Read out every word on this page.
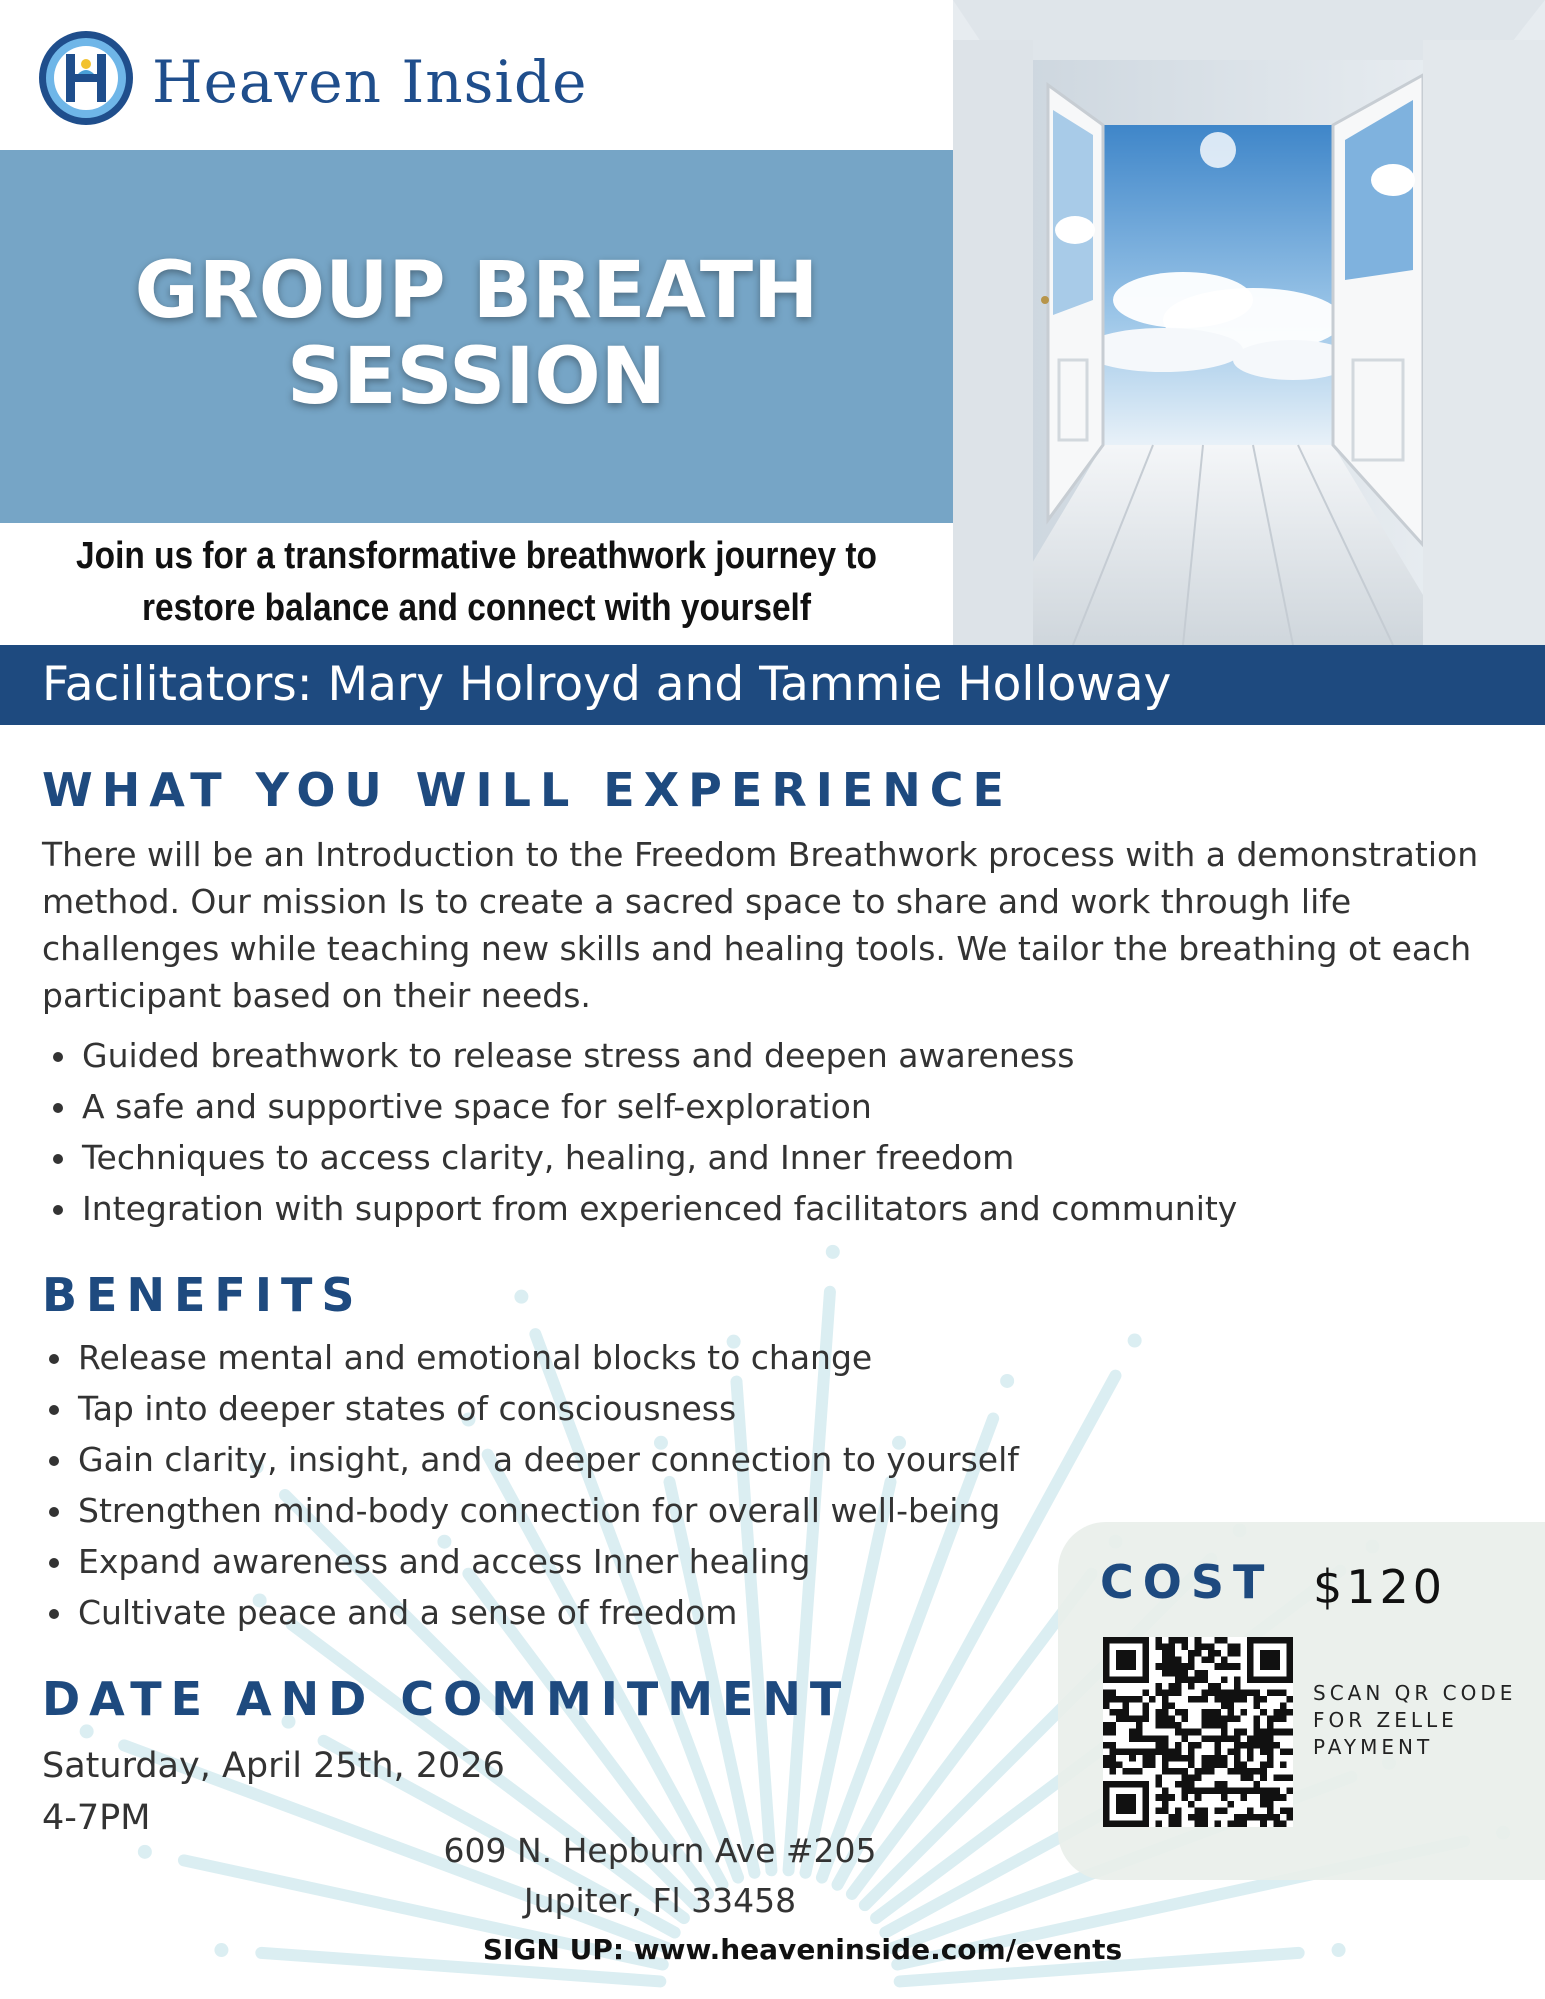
Heaven Inside
GROUP BREATH
SESSION
Join us for a transformative breathwork journey to
restore balance and connect with yourself
Facilitators: Mary Holroyd and Tammie Holloway
WHAT YOU WILL EXPERIENCE
There will be an Introduction to the Freedom Breathwork process with a demonstration method. Our mission Is to create a sacred space to share and work through life challenges while teaching new skills and healing tools. We tailor the breathing ot each participant based on their needs.
• Guided breathwork to release stress and deepen awareness
• A safe and supportive space for self-exploration
• Techniques to access clarity, healing, and Inner freedom
• Integration with support from experienced facilitators and community
BENEFITS
• Release mental and emotional blocks to change
• Tap into deeper states of consciousness
• Gain clarity, insight, and a deeper connection to yourself
• Strengthen mind-body connection for overall well-being
• Expand awareness and access Inner healing
• Cultivate peace and a sense of freedom
COST $120
SCAN QR CODE
FOR ZELLE
PAYMENT
DATE AND COMMITMENT
Saturday, April 25th, 2026
4-7PM
609 N. Hepburn Ave #205
Jupiter, Fl 33458
SIGN UP: www.heaveninside.com/events
